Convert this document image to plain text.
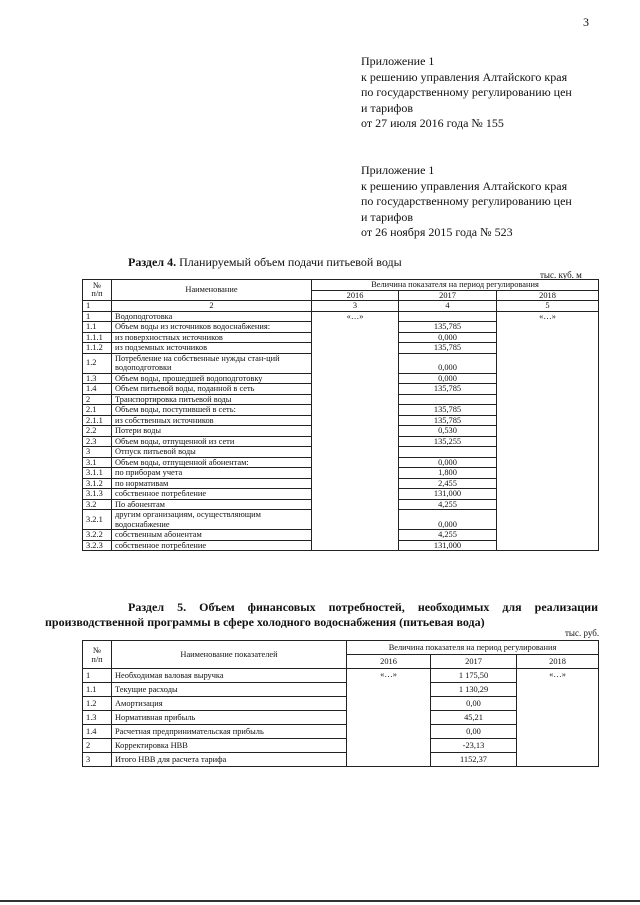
3
Приложение 1
к решению управления Алтайского края
по государственному регулированию цен
и тарифов
от 27 июля 2016 года № 155
Приложение 1
к решению управления Алтайского края
по государственному регулированию цен
и тарифов
от 26 ноября 2015 года № 523
Раздел 4. Планируемый объем подачи питьевой воды
тыс. куб. м
№
п/п	Наименование	Величина показателя на период регулирования		
		2016	2017	2018
1	2	3	4	5
1	Водоподготовка	«…»		«…»
1.1	Объем воды из источников водоснабжения:		135,785	
1.1.1	из поверхностных источников		0,000	
1.1.2	из подземных источников		135,785	
1.2	Потребление на собственные нужды стан-ций водоподготовки		0,000	
1.3	Объем воды, прошедшей водоподготовку		0,000	
1.4	Объем питьевой воды, поданной в сеть		135,785	
2	Транспортировка питьевой воды			
2.1	Объем воды, поступившей в сеть:		135,785	
2.1.1	из собственных источников		135,785	
2.2	Потери воды		0,530	
2.3	Объем воды, отпущенной из сети		135,255	
3	Отпуск питьевой воды			
3.1	Объем воды, отпущенной абонентам:		0,000	
3.1.1	по приборам учета		1,800	
3.1.2	по нормативам		2,455	
3.1.3	собственное потребление		131,000	
3.2	По абонентам		4,255	
3.2.1	другим организациям, осуществляющим водоснабжение		0,000	
3.2.2	собственным абонентам		4,255	
3.2.3	собственное потребление		131,000	
Раздел 5. Объем финансовых потребностей, необходимых для реализации производственной программы в сфере холодного водоснабжения (питьевая вода)
тыс. руб.
№
п/п	Наименование показателей	Величина показателя на период регулирования		
		2016	2017	2018
1	Необходимая валовая выручка	«…»	1 175,50	«…»
1.1	Текущие расходы		1 130,29	
1.2	Амортизация		0,00	
1.3	Нормативная прибыль		45,21	
1.4	Расчетная предпринимательская прибыль		0,00	
2	Корректировка НВВ		-23,13	
3	Итого НВВ для расчета тарифа		1152,37	
